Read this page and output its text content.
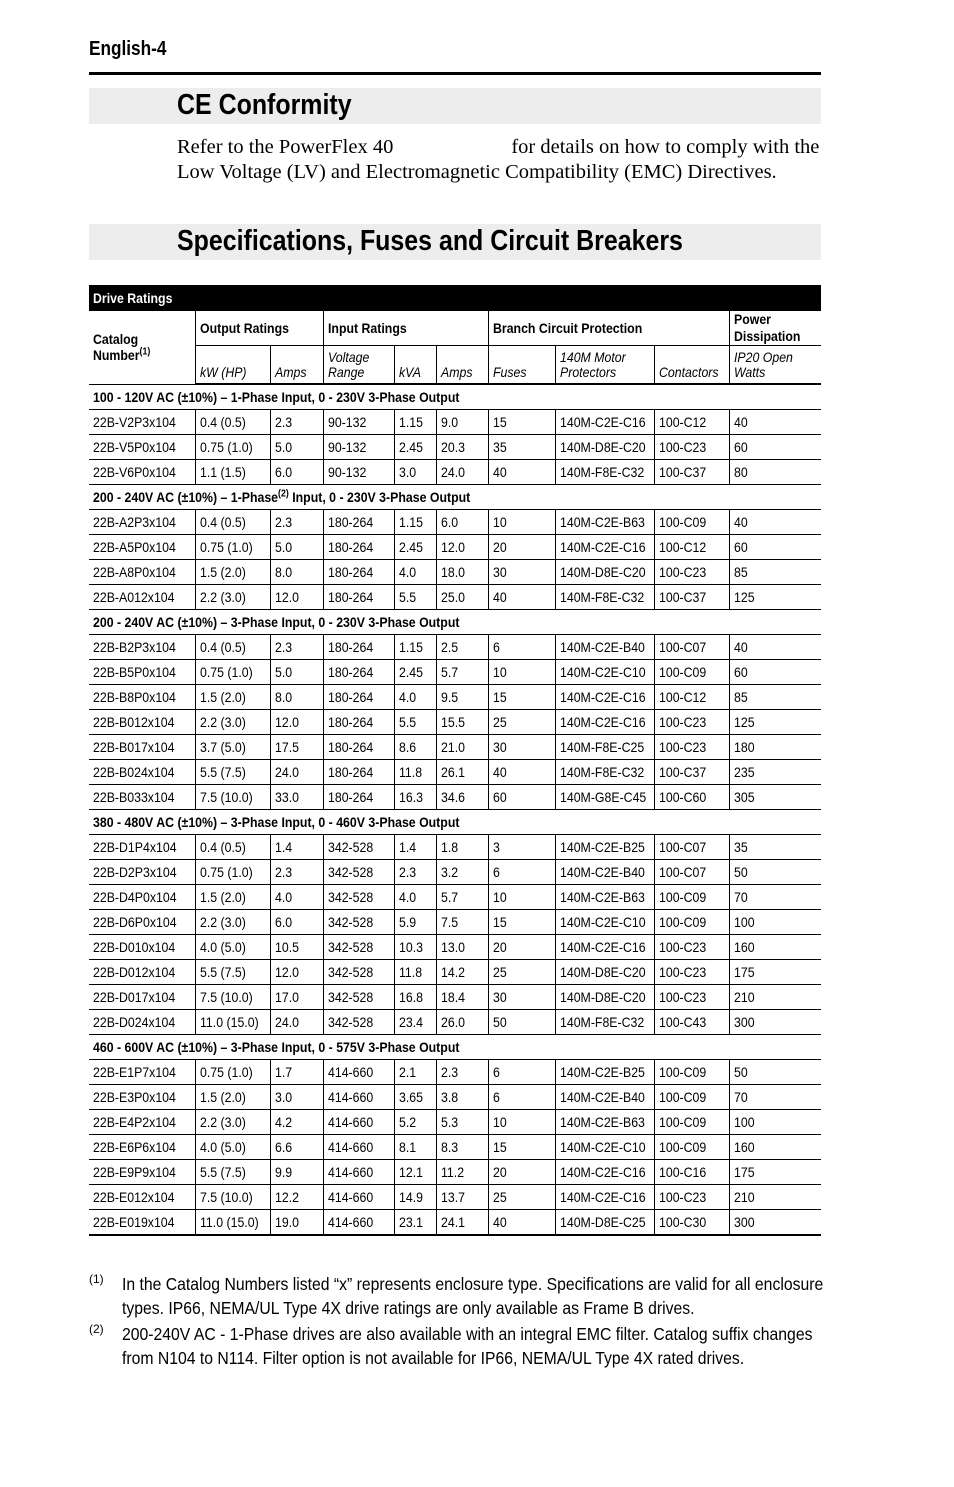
English-4
CE Conformity
Refer to the PowerFlex 40	for details on how to comply with the Low Voltage (LV) and Electromagnetic Compatibility (EMC) Directives.
Specifications, Fuses and Circuit Breakers
Drive Ratings									
Catalog Number$^{(1)}$	Output Ratings		Input Ratings			Branch Circuit Protection			Power Dissipation
	kW (HP)	Amps	Voltage Range	kVA	Amps	Fuses	140M Motor Protectors	Contactors	IP20 Open Watts
100 - 120V AC (±10%) – 1-Phase Input, 0 - 230V 3-Phase Output									
22B-V2P3x104	0.4 (0.5)	2.3	90-132	1.15	9.0	15	140M-C2E-C16	100-C12	40
22B-V5P0x104	0.75 (1.0)	5.0	90-132	2.45	20.3	35	140M-D8E-C20	100-C23	60
22B-V6P0x104	1.1 (1.5)	6.0	90-132	3.0	24.0	40	140M-F8E-C32	100-C37	80
200 - 240V AC (±10%) – 1-Phase$^{(2)}$ Input, 0 - 230V 3-Phase Output									
22B-A2P3x104	0.4 (0.5)	2.3	180-264	1.15	6.0	10	140M-C2E-B63	100-C09	40
22B-A5P0x104	0.75 (1.0)	5.0	180-264	2.45	12.0	20	140M-C2E-C16	100-C12	60
22B-A8P0x104	1.5 (2.0)	8.0	180-264	4.0	18.0	30	140M-D8E-C20	100-C23	85
22B-A012x104	2.2 (3.0)	12.0	180-264	5.5	25.0	40	140M-F8E-C32	100-C37	125
200 - 240V AC (±10%) – 3-Phase Input, 0 - 230V 3-Phase Output									
22B-B2P3x104	0.4 (0.5)	2.3	180-264	1.15	2.5	6	140M-C2E-B40	100-C07	40
22B-B5P0x104	0.75 (1.0)	5.0	180-264	2.45	5.7	10	140M-C2E-C10	100-C09	60
22B-B8P0x104	1.5 (2.0)	8.0	180-264	4.0	9.5	15	140M-C2E-C16	100-C12	85
22B-B012x104	2.2 (3.0)	12.0	180-264	5.5	15.5	25	140M-C2E-C16	100-C23	125
22B-B017x104	3.7 (5.0)	17.5	180-264	8.6	21.0	30	140M-F8E-C25	100-C23	180
22B-B024x104	5.5 (7.5)	24.0	180-264	11.8	26.1	40	140M-F8E-C32	100-C37	235
22B-B033x104	7.5 (10.0)	33.0	180-264	16.3	34.6	60	140M-G8E-C45	100-C60	305
380 - 480V AC (±10%) – 3-Phase Input, 0 - 460V 3-Phase Output									
22B-D1P4x104	0.4 (0.5)	1.4	342-528	1.4	1.8	3	140M-C2E-B25	100-C07	35
22B-D2P3x104	0.75 (1.0)	2.3	342-528	2.3	3.2	6	140M-C2E-B40	100-C07	50
22B-D4P0x104	1.5 (2.0)	4.0	342-528	4.0	5.7	10	140M-C2E-B63	100-C09	70
22B-D6P0x104	2.2 (3.0)	6.0	342-528	5.9	7.5	15	140M-C2E-C10	100-C09	100
22B-D010x104	4.0 (5.0)	10.5	342-528	10.3	13.0	20	140M-C2E-C16	100-C23	160
22B-D012x104	5.5 (7.5)	12.0	342-528	11.8	14.2	25	140M-D8E-C20	100-C23	175
22B-D017x104	7.5 (10.0)	17.0	342-528	16.8	18.4	30	140M-D8E-C20	100-C23	210
22B-D024x104	11.0 (15.0)	24.0	342-528	23.4	26.0	50	140M-F8E-C32	100-C43	300
460 - 600V AC (±10%) – 3-Phase Input, 0 - 575V 3-Phase Output									
22B-E1P7x104	0.75 (1.0)	1.7	414-660	2.1	2.3	6	140M-C2E-B25	100-C09	50
22B-E3P0x104	1.5 (2.0)	3.0	414-660	3.65	3.8	6	140M-C2E-B40	100-C09	70
22B-E4P2x104	2.2 (3.0)	4.2	414-660	5.2	5.3	10	140M-C2E-B63	100-C09	100
22B-E6P6x104	4.0 (5.0)	6.6	414-660	8.1	8.3	15	140M-C2E-C10	100-C09	160
22B-E9P9x104	5.5 (7.5)	9.9	414-660	12.1	11.2	20	140M-C2E-C16	100-C16	175
22B-E012x104	7.5 (10.0)	12.2	414-660	14.9	13.7	25	140M-C2E-C16	100-C23	210
22B-E019x104	11.0 (15.0)	19.0	414-660	23.1	24.1	40	140M-D8E-C25	100-C30	300
(1) In the Catalog Numbers listed “x” represents enclosure type. Specifications are valid for all enclosure types. IP66, NEMA/UL Type 4X drive ratings are only available as Frame B drives.
(2) 200-240V AC - 1-Phase drives are also available with an integral EMC filter. Catalog suffix changes from N104 to N114. Filter option is not available for IP66, NEMA/UL Type 4X rated drives.
